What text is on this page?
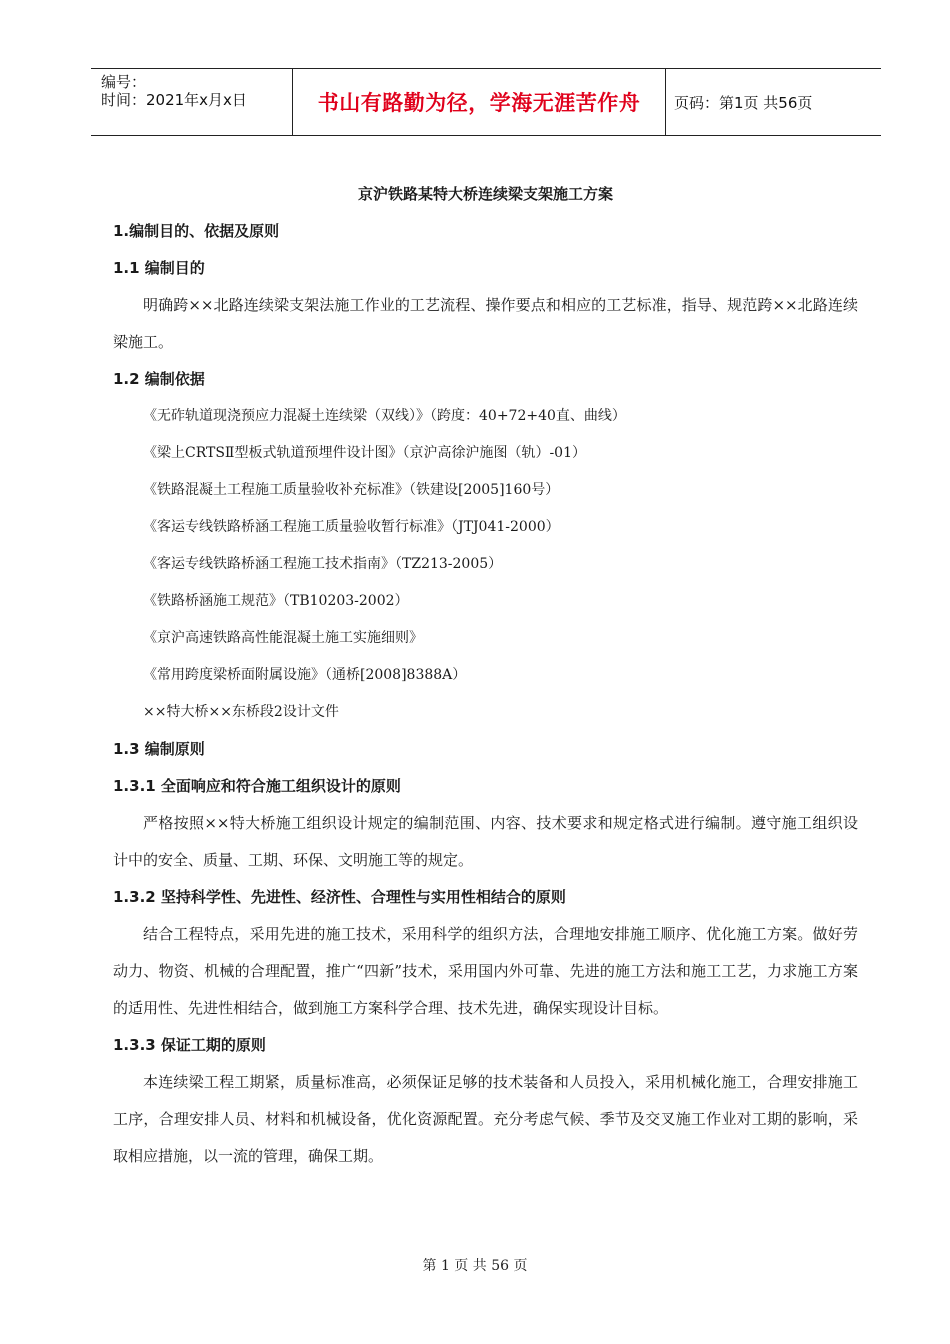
编号：
时间：2021年x月x日	书山有路勤为径，学海无涯苦作舟	页码：第1页 共56页
京沪铁路某特大桥连续梁支架施工方案
1.编制目的、依据及原则
1.1 编制目的
明确跨××北路连续梁支架法施工作业的工艺流程、操作要点和相应的工艺标准，指导、规范跨××北路连续梁施工。
1.2 编制依据
《无砟轨道现浇预应力混凝土连续梁（双线）》（跨度：40+72+40直、曲线）
《梁上CRTSⅡ型板式轨道预埋件设计图》（京沪高徐沪施图（轨）-01）
《铁路混凝土工程施工质量验收补充标准》（铁建设[2005]160号）
《客运专线铁路桥涵工程施工质量验收暂行标准》（JTJ041-2000）
《客运专线铁路桥涵工程施工技术指南》（TZ213-2005）
《铁路桥涵施工规范》（TB10203-2002）
《京沪高速铁路高性能混凝土施工实施细则》
《常用跨度梁桥面附属设施》（通桥[2008]8388A）
××特大桥××东桥段2设计文件
1.3 编制原则
1.3.1 全面响应和符合施工组织设计的原则
严格按照××特大桥施工组织设计规定的编制范围、内容、技术要求和规定格式进行编制。遵守施工组织设计中的安全、质量、工期、环保、文明施工等的规定。
1.3.2 坚持科学性、先进性、经济性、合理性与实用性相结合的原则
结合工程特点，采用先进的施工技术，采用科学的组织方法，合理地安排施工顺序、优化施工方案。做好劳动力、物资、机械的合理配置，推广“四新”技术，采用国内外可靠、先进的施工方法和施工工艺，力求施工方案的适用性、先进性相结合，做到施工方案科学合理、技术先进，确保实现设计目标。
1.3.3 保证工期的原则
本连续梁工程工期紧，质量标准高，必须保证足够的技术装备和人员投入，采用机械化施工，合理安排施工工序，合理安排人员、材料和机械设备，优化资源配置。充分考虑气候、季节及交叉施工作业对工期的影响，采取相应措施，以一流的管理，确保工期。
第 1 页 共 56 页
